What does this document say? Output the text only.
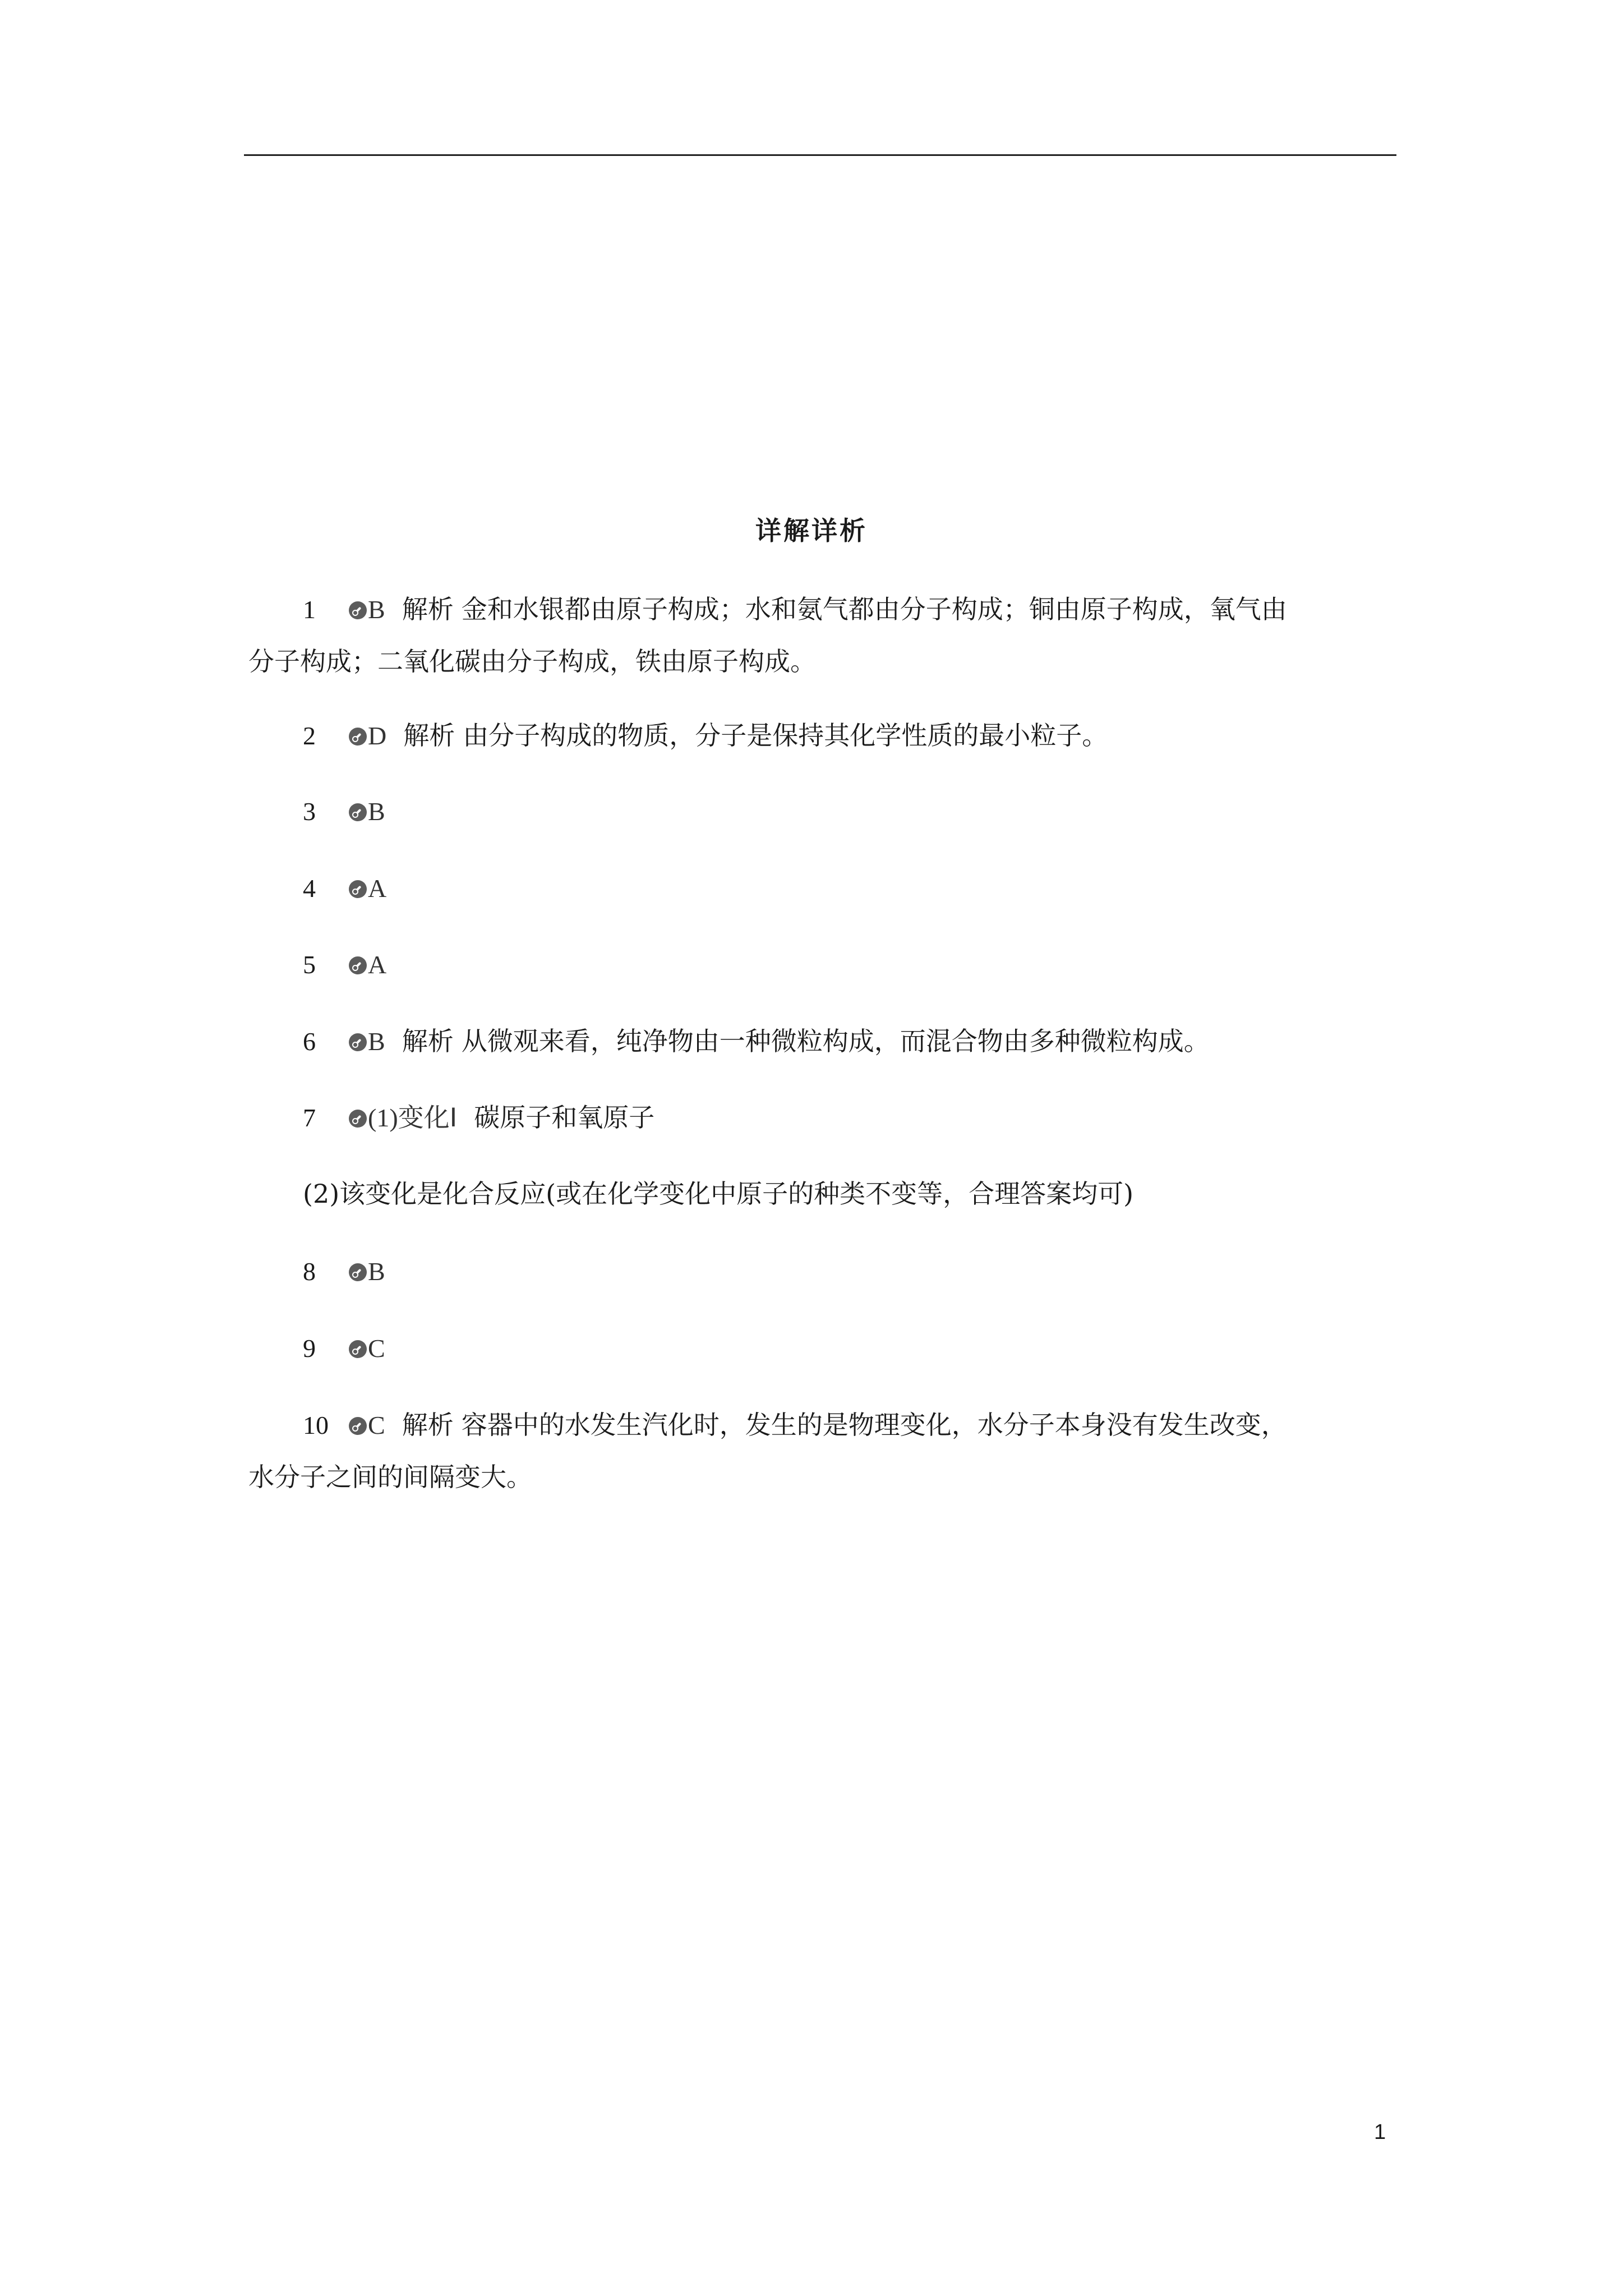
详解详析
1 B 解析 金和水银都由原子构成；水和氨气都由分子构成；铜由原子构成，氧气由
分子构成；二氧化碳由分子构成，铁由原子构成。
2 D 解析 由分子构成的物质，分子是保持其化学性质的最小粒子。
3 B
4 A
5 A
6 B 解析 从微观来看，纯净物由一种微粒构成，而混合物由多种微粒构成。
7 (1)变化Ⅰ 碳原子和氧原子
(2)该变化是化合反应(或在化学变化中原子的种类不变等，合理答案均可)
8 B
9 C
10 C 解析 容器中的水发生汽化时，发生的是物理变化，水分子本身没有发生改变，
水分子之间的间隔变大。
1
